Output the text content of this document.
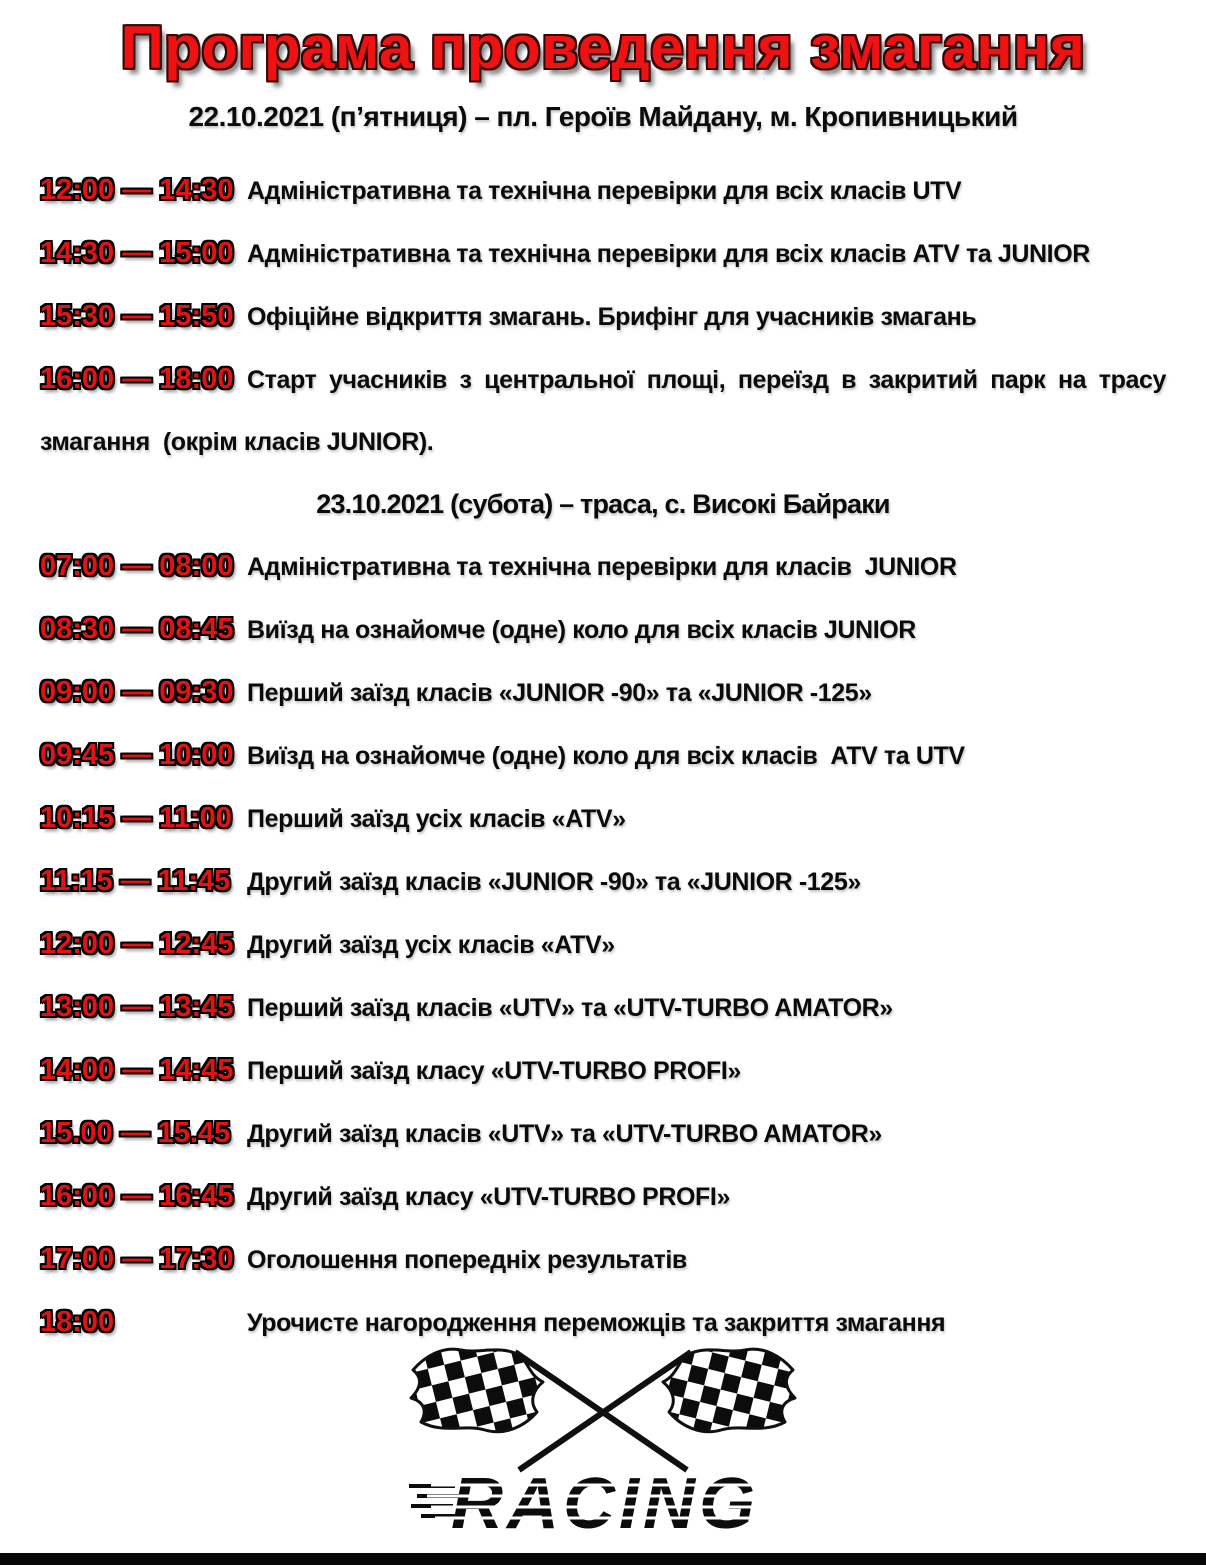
Програма проведення змагання

22.10.2021 (п’ятниця) – пл. Героїв Майдану, м. Кропивницький

12:00 — 14:30 Адміністративна та технічна перевірки для всіх класів UTV

14:30 — 15:00 Адміністративна та технічна перевірки для всіх класів ATV та JUNIOR

15:30 — 15:50 Офіційне відкриття змагань. Брифінг для учасників змагань

16:00 — 18:00 Старт учасників з центральної площі, переїзд в закритий парк на трасу змагання  (окрім класів JUNIOR).

23.10.2021 (субота) – траса, с. Високі Байраки

07:00 — 08:00 Адміністративна та технічна перевірки для класів  JUNIOR

08:30 — 08:45 Виїзд на ознайомче (одне) коло для всіх класів JUNIOR

09:00 — 09:30 Перший заїзд класів «JUNIOR -90» та «JUNIOR -125»

09:45 — 10:00 Виїзд на ознайомче (одне) коло для всіх класів  ATV та UTV

10:15 — 11:00 Перший заїзд усіх класів «ATV»

11:15 — 11:45 Другий заїзд класів «JUNIOR -90» та «JUNIOR -125»

12:00 — 12:45 Другий заїзд усіх класів «ATV»

13:00 — 13:45 Перший заїзд класів «UTV» та «UTV-TURBO AMATOR»

14:00 — 14:45 Перший заїзд класу «UTV-TURBO PROFI»

15.00 — 15.45 Другий заїзд класів «UTV» та «UTV-TURBO AMATOR»

16:00 — 16:45 Другий заїзд класу «UTV-TURBO PROFI»

17:00 — 17:30 Оголошення попередніх результатів

18:00	Урочисте нагородження переможців та закриття змагання

RACING
